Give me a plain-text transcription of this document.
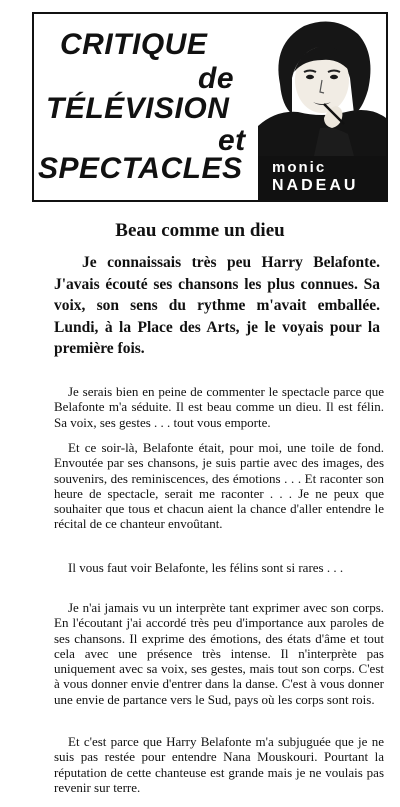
CRITIQUE
de
TÉLÉVISION
et
SPECTACLES monic
NADEAU
Beau comme un dieu

Je connaissais très peu Harry Belafonte. J'avais écouté ses chansons les plus connues. Sa voix, son sens du rythme m'avait emballée. Lundi, à la Place des Arts, je le voyais pour la première fois.

Je serais bien en peine de commenter le spectacle parce que Belafonte m'a séduite. Il est beau comme un dieu. Il est félin. Sa voix, ses gestes . . . tout vous emporte.

Et ce soir-là, Belafonte était, pour moi, une toile de fond. Envoutée par ses chansons, je suis partie avec des images, des souvenirs, des reminiscences, des émotions . . . Et raconter son heure de spectacle, serait me raconter . . . Je ne peux que souhaiter que tous et chacun aient la chance d'aller entendre le récital de ce chanteur envoûtant.

Il vous faut voir Belafonte, les félins sont si rares . . .

Je n'ai jamais vu un interprète tant exprimer avec son corps. En l'écoutant j'ai accordé très peu d'importance aux paroles de ses chansons. Il exprime des émotions, des états d'âme et tout cela avec une présence très intense. Il n'interprète pas uniquement avec sa voix, ses gestes, mais tout son corps. C'est à vous donner envie d'entrer dans la danse. C'est à vous donner une envie de partance vers le Sud, pays où les corps sont rois.

Et c'est parce que Harry Belafonte m'a subjuguée que je ne suis pas restée pour entendre Nana Mouskouri. Pourtant la réputation de cette chanteuse est grande mais je ne voulais pas revenir sur terre.
